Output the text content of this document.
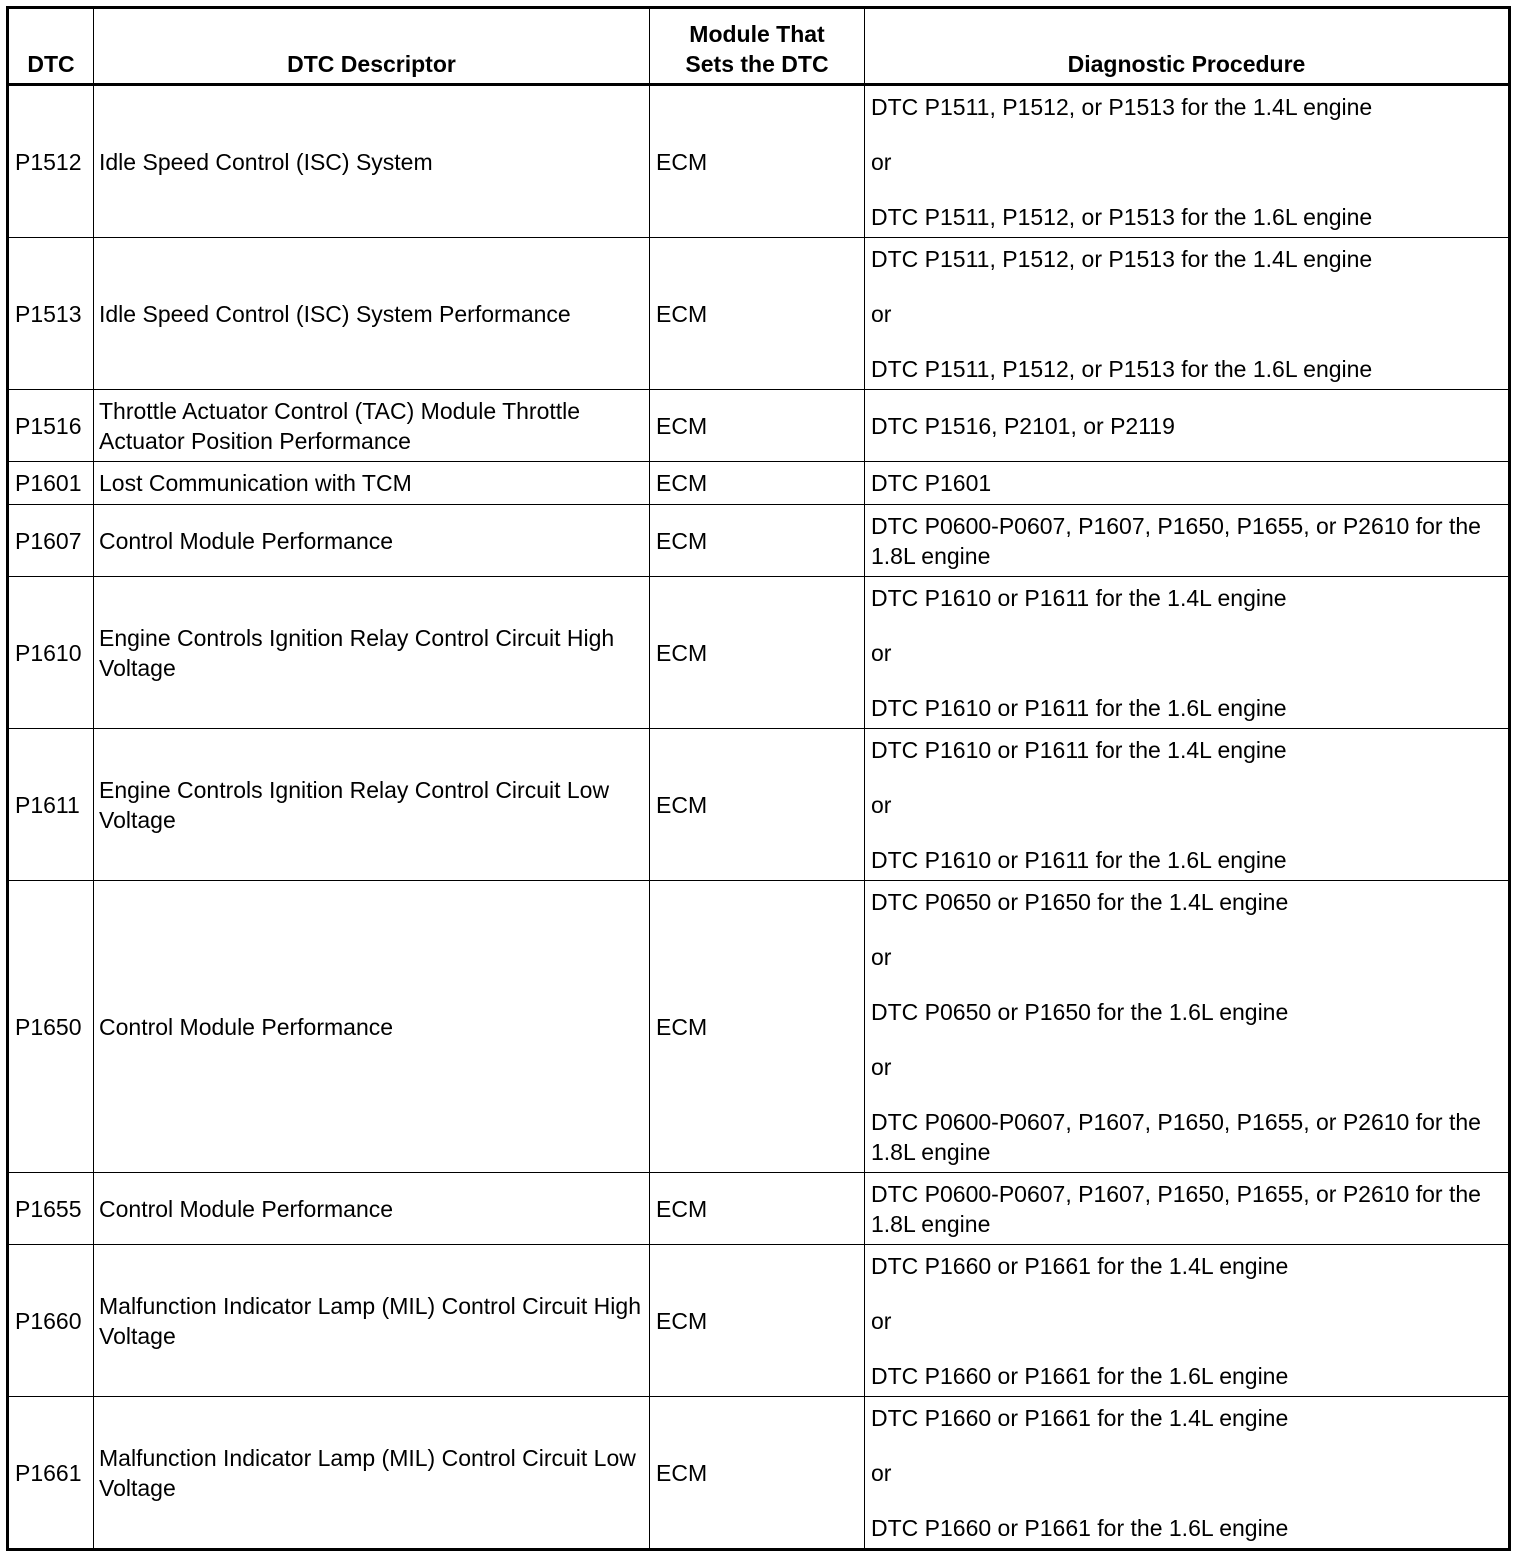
DTC	DTC Descriptor	Module That
Sets the DTC	Diagnostic Procedure
P1512	Idle Speed Control (ISC) System	ECM	DTC P1511, P1512, or P1513 for the 1.4L engine
or
DTC P1511, P1512, or P1513 for the 1.6L engine

P1513	Idle Speed Control (ISC) System Performance	ECM	DTC P1511, P1512, or P1513 for the 1.4L engine
or
DTC P1511, P1512, or P1513 for the 1.6L engine

P1516	Throttle Actuator Control (TAC) Module Throttle Actuator Position Performance	ECM	DTC P1516, P2101, or P2119

P1601	Lost Communication with TCM	ECM	DTC P1601

P1607	Control Module Performance	ECM	DTC P0600-P0607, P1607, P1650, P1655, or P2610 for the 1.8L engine

P1610	Engine Controls Ignition Relay Control Circuit High Voltage	ECM	DTC P1610 or P1611 for the 1.4L engine
or
DTC P1610 or P1611 for the 1.6L engine

P1611	Engine Controls Ignition Relay Control Circuit Low Voltage	ECM	DTC P1610 or P1611 for the 1.4L engine
or
DTC P1610 or P1611 for the 1.6L engine

P1650	Control Module Performance	ECM	DTC P0650 or P1650 for the 1.4L engine
or
DTC P0650 or P1650 for the 1.6L engine
or
DTC P0600-P0607, P1607, P1650, P1655, or P2610 for the 1.8L engine

P1655	Control Module Performance	ECM	DTC P0600-P0607, P1607, P1650, P1655, or P2610 for the 1.8L engine

P1660	Malfunction Indicator Lamp (MIL) Control Circuit High Voltage	ECM	DTC P1660 or P1661 for the 1.4L engine
or
DTC P1660 or P1661 for the 1.6L engine

P1661	Malfunction Indicator Lamp (MIL) Control Circuit Low Voltage	ECM	DTC P1660 or P1661 for the 1.4L engine
or
DTC P1660 or P1661 for the 1.6L engine
